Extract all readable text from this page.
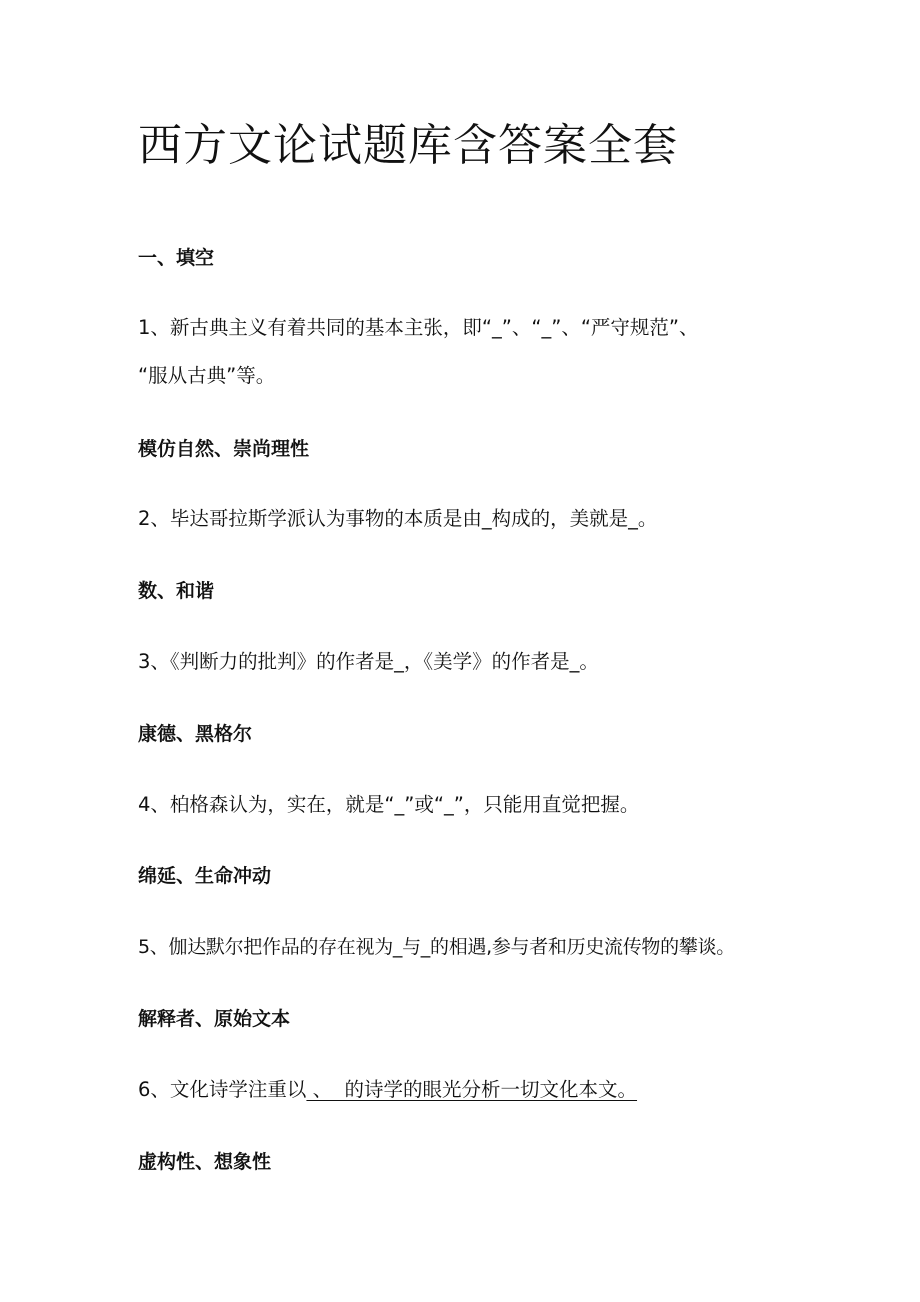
西方文论试题库含答案全套
一、填空
1、新古典主义有着共同的基本主张，即“_”、“_”、“严守规范”、
“服从古典”等。
模仿自然、崇尚理性
2、毕达哥拉斯学派认为事物的本质是由_构成的，美就是_。
数、和谐
3、《判断力的批判》的作者是_，《美学》的作者是_。
康德、黑格尔
4、柏格森认为，实在，就是“_”或“_”，只能用直觉把握。
绵延、生命冲动
5、伽达默尔把作品的存在视为_与_的相遇,参与者和历史流传物的攀谈。
解释者、原始文本
6、文化诗学注重以 、  的诗学的眼光分析一切文化本文。
虚构性、想象性
